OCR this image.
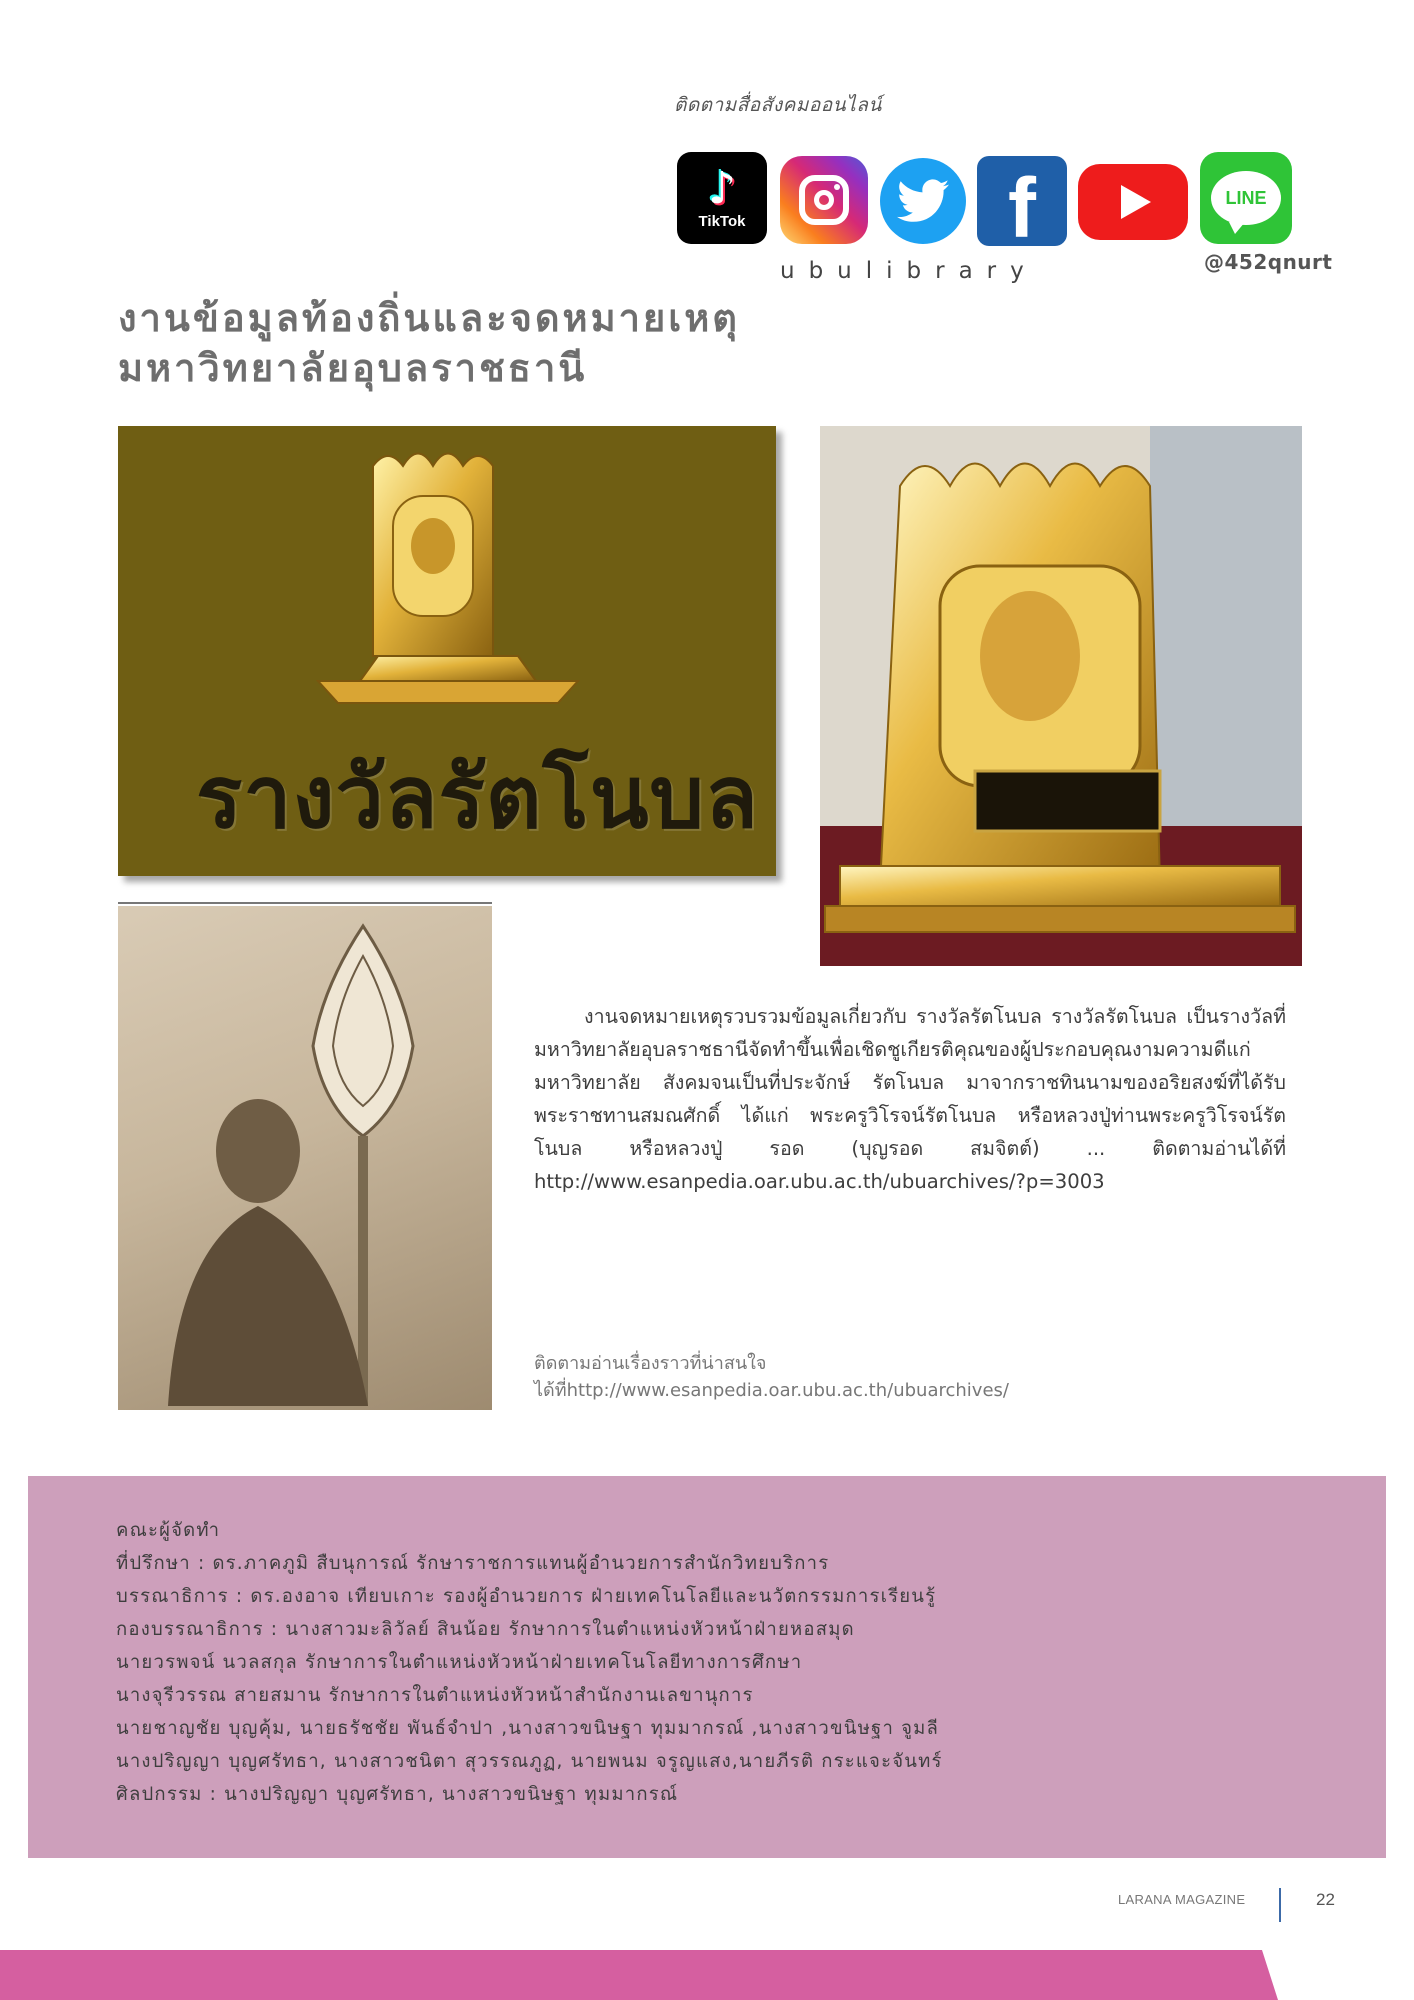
ติดตามสื่อสังคมออนไลน์
♪
TikTok	f	LINE
ubulibrary	@452qnurt
งานข้อมูลท้องถิ่นและจดหมายเหตุ
มหาวิทยาลัยอุบลราชธานี
รางวัลรัตโนบล
งานจดหมายเหตุรวบรวมข้อมูลเกี่ยวกับ รางวัลรัตโนบล รางวัลรัตโนบล เป็นรางวัลที่มหาวิทยาลัยอุบลราชธานีจัดทำขึ้นเพื่อเชิดชูเกียรติคุณของผู้ประกอบคุณงามความดีแก่มหาวิทยาลัย สังคมจนเป็นที่ประจักษ์ รัตโนบล มาจากราชทินนามของอริยสงฆ์ที่ได้รับ พระราชทานสมณศักดิ์ ได้แก่ พระครูวิโรจน์รัตโนบล หรือหลวงปู่ท่านพระครูวิโรจน์รัตโนบล หรือหลวงปู่ รอด (บุญรอด สมจิตต์) ... ติดตามอ่านได้ที่ http://www.esanpedia.oar.ubu.ac.th/ubuarchives/?p=3003
ติดตามอ่านเรื่องราวที่น่าสนใจ
ได้ที่http://www.esanpedia.oar.ubu.ac.th/ubuarchives/
คณะผู้จัดทำ
ที่ปรึกษา : ดร.ภาคภูมิ สืบนุการณ์ รักษาราชการแทนผู้อำนวยการสำนักวิทยบริการ
บรรณาธิการ : ดร.องอาจ เทียบเกาะ รองผู้อำนวยการ ฝ่ายเทคโนโลยีและนวัตกรรมการเรียนรู้
กองบรรณาธิการ : นางสาวมะลิวัลย์ สินน้อย รักษาการในตำแหน่งหัวหน้าฝ่ายหอสมุด
นายวรพจน์ นวลสกุล รักษาการในตำแหน่งหัวหน้าฝ่ายเทคโนโลยีทางการศึกษา
นางจุรีวรรณ สายสมาน รักษาการในตำแหน่งหัวหน้าสำนักงานเลขานุการ
นายชาญชัย บุญคุ้ม, นายธรัชชัย พันธ์จำปา ,นางสาวขนิษฐา ทุมมากรณ์ ,นางสาวขนิษฐา จูมลี
นางปริญญา บุญศรัทธา, นางสาวชนิตา สุวรรณภูฏ, นายพนม จรูญแสง,นายภีรติ กระแจะจันทร์
ศิลปกรรม : นางปริญญา บุญศรัทธา, นางสาวขนิษฐา ทุมมากรณ์
LARANA MAGAZINE	22
